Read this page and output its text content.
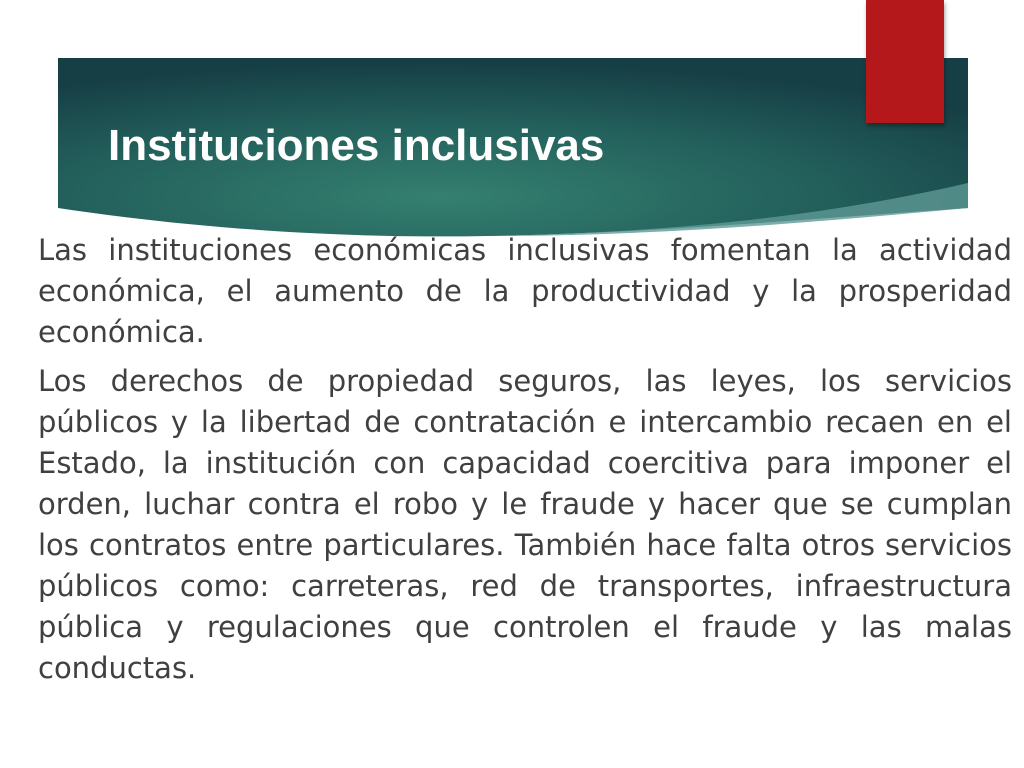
Instituciones inclusivas

Las instituciones económicas inclusivas fomentan la actividad económica, el aumento de la productividad y la prosperidad económica.

Los derechos de propiedad seguros, las leyes, los servicios públicos y la libertad de contratación e intercambio recaen en el Estado, la institución con capacidad coercitiva para imponer el orden, luchar contra el robo y le fraude y hacer que se cumplan los contratos entre particulares. También hace falta otros servicios públicos como: carreteras, red de transportes, infraestructura pública y regulaciones que controlen el fraude y las malas conductas.
